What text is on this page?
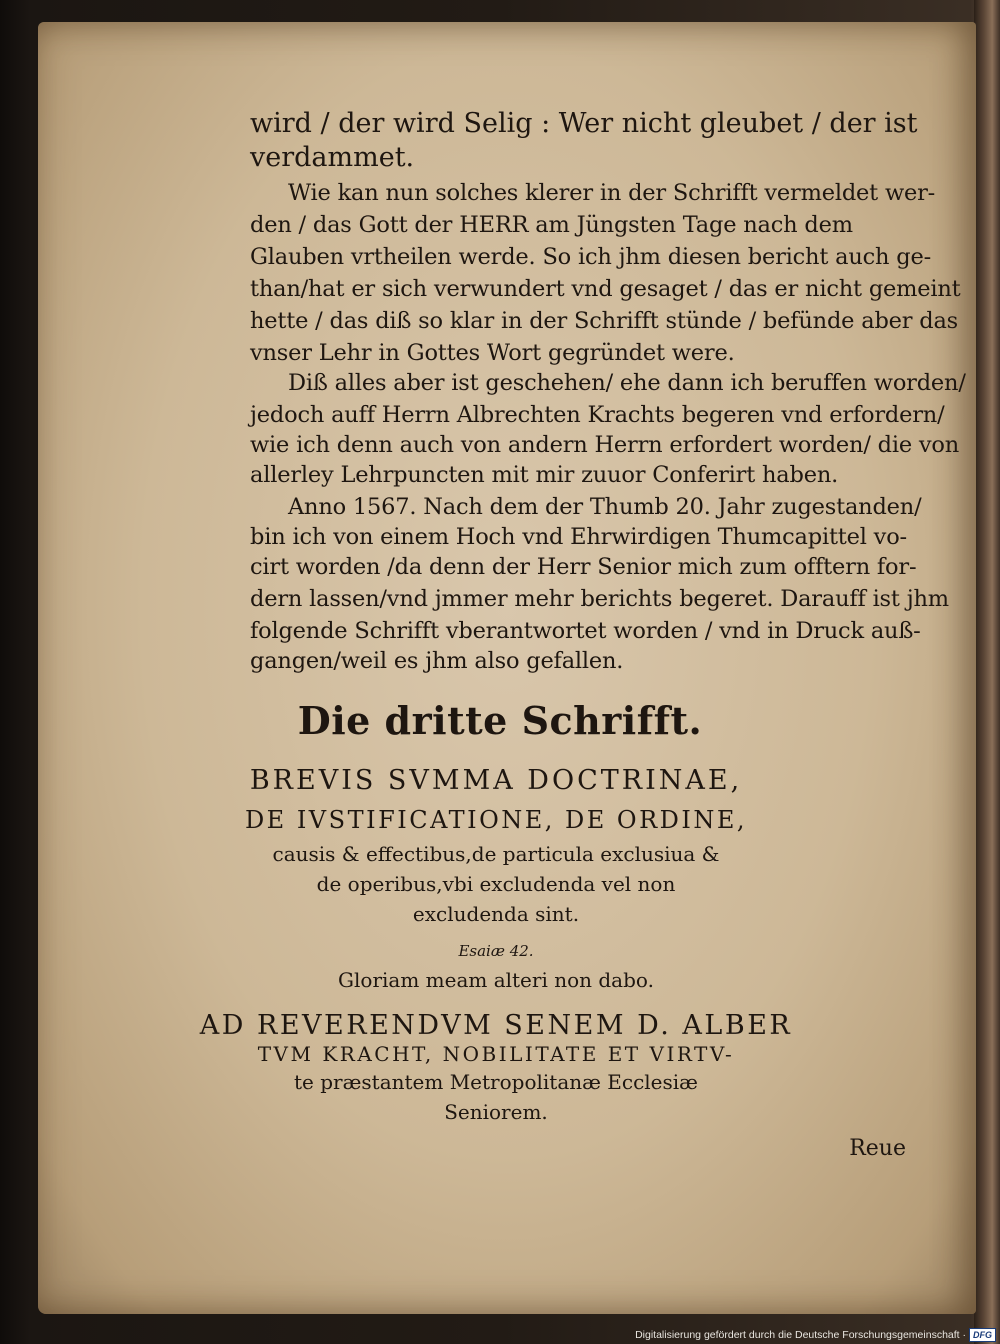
wird / der wird Selig : Wer nicht gleubet / der ist
verdammet.
Wie kan nun solches klerer in der Schrifft vermeldet wer-
den / das Gott der HERR am Jüngsten Tage nach dem
Glauben vrtheilen werde. So ich jhm diesen bericht auch ge-
than/hat er sich verwundert vnd gesaget / das er nicht gemeint
hette / das diß so klar in der Schrifft stünde / befünde aber das
vnser Lehr in Gottes Wort gegründet were.
Diß alles aber ist geschehen/ ehe dann ich beruffen worden/
jedoch auff Herrn Albrechten Krachts begeren vnd erfordern/
wie ich denn auch von andern Herrn erfordert worden/ die von
allerley Lehrpuncten mit mir zuuor Conferirt haben.
Anno 1567. Nach dem der Thumb 20. Jahr zugestanden/
bin ich von einem Hoch vnd Ehrwirdigen Thumcapittel vo-
cirt worden /da denn der Herr Senior mich zum offtern for-
dern lassen/vnd jmmer mehr berichts begeret. Darauff ist jhm
folgende Schrifft vberantwortet worden / vnd in Druck auß-
gangen/weil es jhm also gefallen.
Die dritte Schrifft.
BREVIS SVMMA DOCTRINAE,
DE IVSTIFICATIONE, DE ORDINE,
causis & effectibus,de particula exclusiua &
de operibus,vbi excludenda vel non
excludenda sint.
Esaiæ 42.
Gloriam meam alteri non dabo.
AD REVERENDVM SENEM D. ALBER
TVM KRACHT, NOBILITATE ET VIRTV-
te præstantem Metropolitanæ Ecclesiæ
Seniorem.
Reue
Digitalisierung gefördert durch die Deutsche Forschungsgemeinschaft · DFG
